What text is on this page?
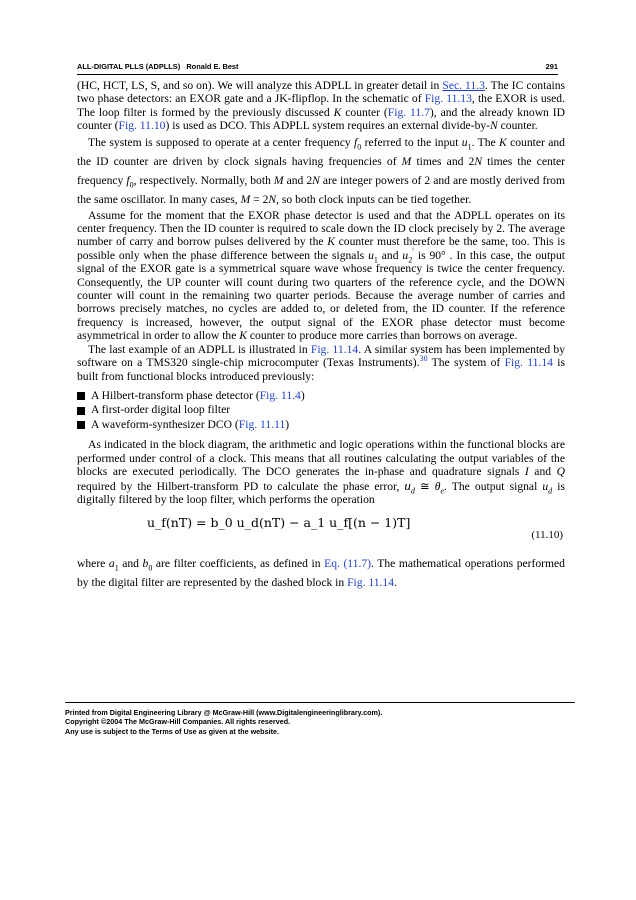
ALL-DIGITAL PLLS (ADPLLS)   Ronald E. Best	291

(HC, HCT, LS, S, and so on). We will analyze this ADPLL in greater detail in Sec. 11.3. The IC contains two phase detectors: an EXOR gate and a JK-flipflop. In the schematic of Fig. 11.13, the EXOR is used. The loop filter is formed by the previously discussed K counter (Fig. 11.7), and the already known ID counter (Fig. 11.10) is used as DCO. This ADPLL system requires an external divide-by-N counter.

The system is supposed to operate at a center frequency $f_0$ referred to the input $u_1$. The K counter and the ID counter are driven by clock signals having frequencies of M times and 2N times the center frequency $f_0$, respectively. Normally, both M and 2N are integer powers of 2 and are mostly derived from the same oscillator. In many cases, M = 2N, so both clock inputs can be tied together.

Assume for the moment that the EXOR phase detector is used and that the ADPLL operates on its center frequency. Then the ID counter is required to scale down the ID clock precisely by 2. The average number of carry and borrow pulses delivered by the K counter must therefore be the same, too. This is possible only when the phase difference between the signals $u_1$ and $u_2'$ is 90° . In this case, the output signal of the EXOR gate is a symmetrical square wave whose frequency is twice the center frequency. Consequently, the UP counter will count during two quarters of the reference cycle, and the DOWN counter will count in the remaining two quarter periods. Because the average number of carries and borrows precisely matches, no cycles are added to, or deleted from, the ID counter. If the reference frequency is increased, however, the output signal of the EXOR phase detector must become asymmetrical in order to allow the K counter to produce more carries than borrows on average.

The last example of an ADPLL is illustrated in Fig. 11.14. A similar system has been implemented by software on a TMS320 single-chip microcomputer (Texas Instruments).$^{30}$ The system of Fig. 11.14 is built from functional blocks introduced previously:

A Hilbert-transform phase detector (Fig. 11.4)
A first-order digital loop filter
A waveform-synthesizer DCO (Fig. 11.11)

As indicated in the block diagram, the arithmetic and logic operations within the functional blocks are performed under control of a clock. This means that all routines calculating the output variables of the blocks are executed periodically. The DCO generates the in-phase and quadrature signals I and Q required by the Hilbert-transform PD to calculate the phase error, $u_d$ ≅ $\theta_e$. The output signal $u_d$ is digitally filtered by the loop filter, which performs the operation

u_f(nT) = b_0 u_d(nT) − a_1 u_f[(n − 1)T]
(11.10)

where $a_1$ and $b_0$ are filter coefficients, as defined in Eq. (11.7). The mathematical operations performed by the digital filter are represented by the dashed block in Fig. 11.14.

Printed from Digital Engineering Library @ McGraw-Hill (www.Digitalengineeringlibrary.com).
Copyright ©2004 The McGraw-Hill Companies. All rights reserved.
Any use is subject to the Terms of Use as given at the website.
